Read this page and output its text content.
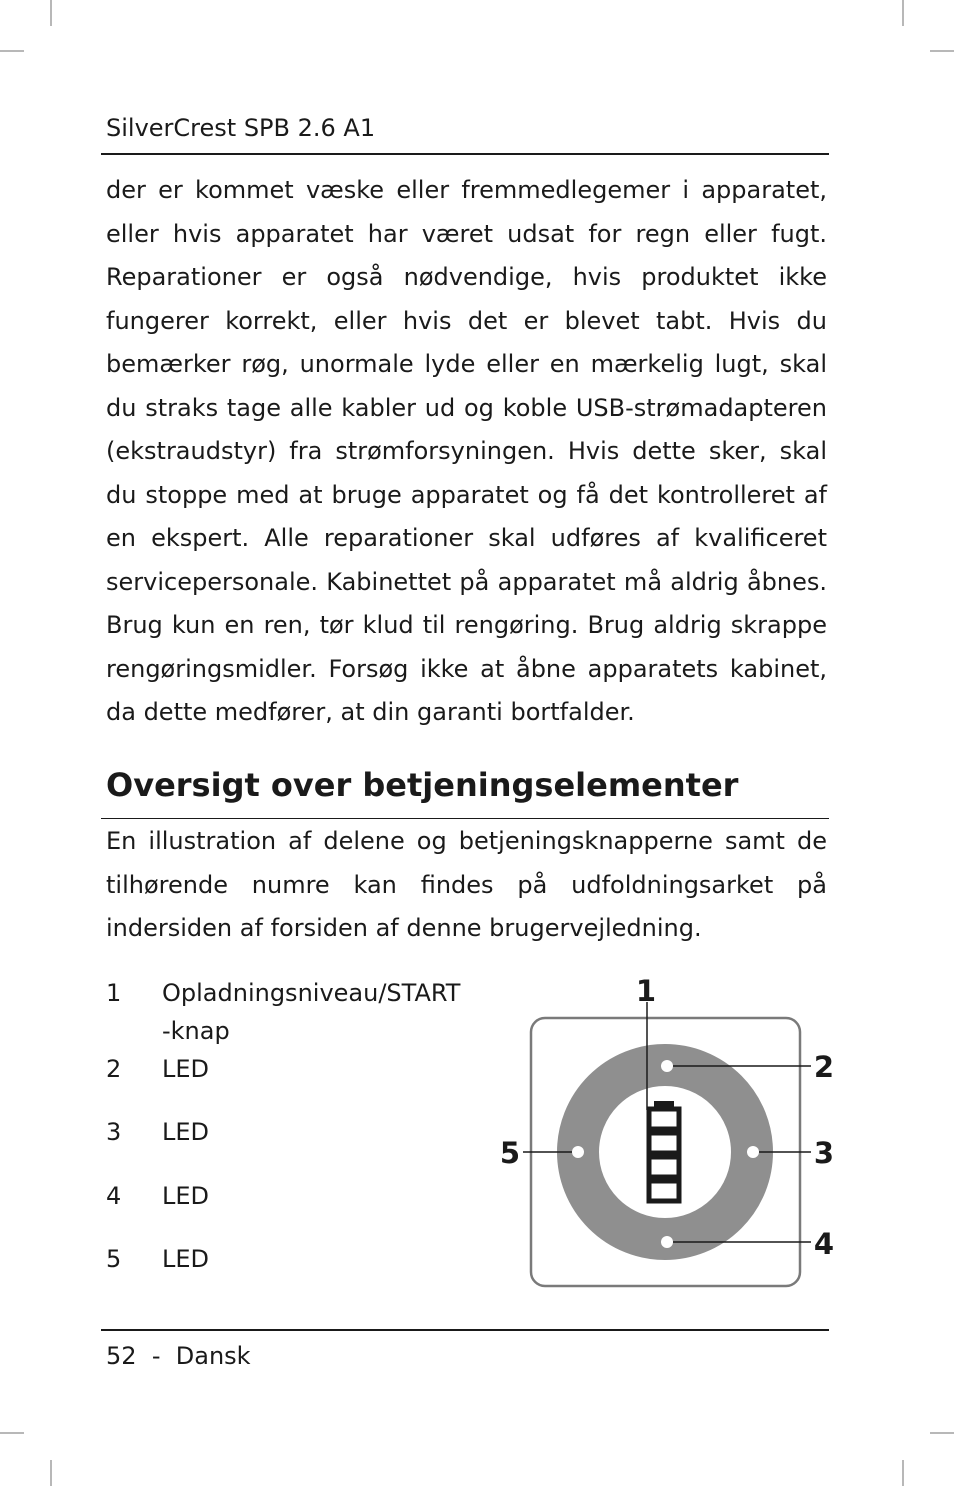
SilverCrest SPB 2.6 A1
der er kommet væske eller fremmedlegemer i apparatet, eller hvis apparatet har været udsat for regn eller fugt. Reparationer er også nødvendige, hvis produktet ikke fungerer korrekt, eller hvis det er blevet tabt. Hvis du bemærker røg, unormale lyde eller en mærkelig lugt, skal du straks tage alle kabler ud og koble USB-strømadapteren (ekstraudstyr) fra strømforsyningen. Hvis dette sker, skal du stoppe med at bruge apparatet og få det kontrolleret af en ekspert. Alle reparationer skal udføres af kvalificeret servicepersonale. Kabinettet på apparatet må aldrig åbnes. Brug kun en ren, tør klud til rengøring. Brug aldrig skrappe rengøringsmidler. Forsøg ikke at åbne apparatets kabinet, da dette medfører, at din garanti bortfalder.
Oversigt over betjeningselementer
En illustration af delene og betjeningsknapperne samt de tilhørende numre kan findes på udfoldningsarket på indersiden af forsiden af denne brugervejledning.
1	Opladningsniveau/START
-knap
2	LED
3	LED
4	LED
5	LED
1
2
3
4
5
52 - Dansk
